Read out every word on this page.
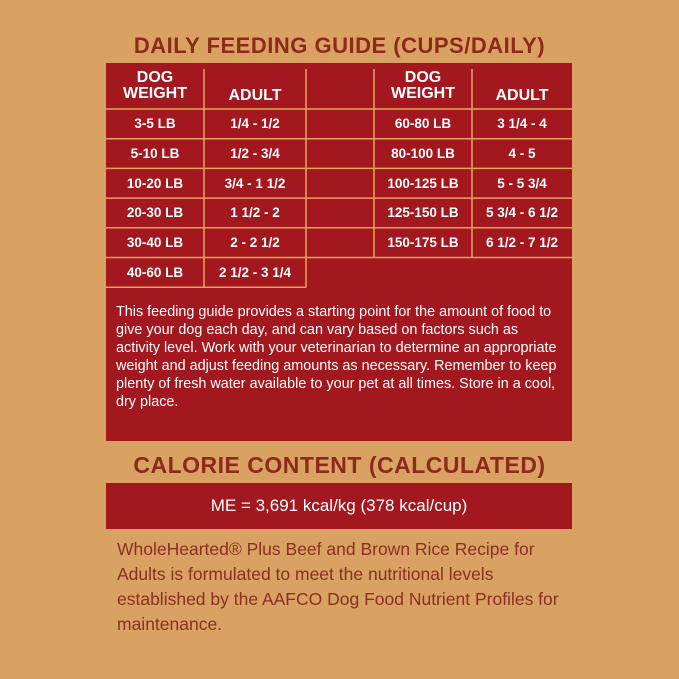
DAILY FEEDING GUIDE (CUPS/DAILY)
DOG WEIGHT	ADULT
DOG WEIGHT	ADULT
3-5 LB	1/4 - 1/2
5-10 LB	1/2 - 3/4
10-20 LB	3/4 - 1 1/2
20-30 LB	1 1/2 - 2
30-40 LB	2 - 2 1/2
40-60 LB	2 1/2 - 3 1/4
60-80 LB	3 1/4 - 4
80-100 LB	4 - 5
100-125 LB	5 - 5 3/4
125-150 LB	5 3/4 - 6 1/2
150-175 LB	6 1/2 - 7 1/2
This feeding guide provides a starting point for the amount of food to give your dog each day, and can vary based on factors such as activity level. Work with your veterinarian to determine an appropriate weight and adjust feeding amounts as necessary. Remember to keep plenty of fresh water available to your pet at all times. Store in a cool, dry place.
CALORIE CONTENT (CALCULATED)
ME = 3,691 kcal/kg (378 kcal/cup)
WholeHearted® Plus Beef and Brown Rice Recipe for Adults is formulated to meet the nutritional levels established by the AAFCO Dog Food Nutrient Profiles for maintenance.
